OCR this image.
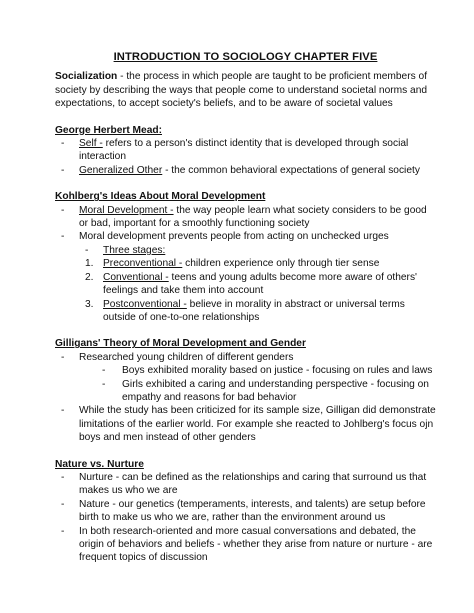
INTRODUCTION TO SOCIOLOGY CHAPTER FIVE

Socialization - the process in which people are taught to be proficient members of society by describing the ways that people come to understand societal norms and expectations, to accept society's beliefs, and to be aware of societal values

George Herbert Mead:
- Self - refers to a person's distinct identity that is developed through social interaction
- Generalized Other - the common behavioral expectations of general society
Kohlberg's Ideas About Moral Development
- Moral Development - the way people learn what society considers to be good or bad, important for a smoothly functioning society
- Moral development prevents people from acting on unchecked urges
- Three stages:
1. Preconventional - children experience only through tier sense
2. Conventional - teens and young adults become more aware of others' feelings and take them into account
3. Postconventional - believe in morality in abstract or universal terms outside of one-to-one relationships
Gilligans' Theory of Moral Development and Gender
- Researched young children of different genders
- Boys exhibited morality based on justice - focusing on rules and laws
- Girls exhibited a caring and understanding perspective - focusing on empathy and reasons for bad behavior
- While the study has been criticized for its sample size, Gilligan did demonstrate limitations of the earlier world. For example she reacted to Johlberg's focus ojn boys and men instead of other genders
Nature vs. Nurture
- Nurture - can be defined as the relationships and caring that surround us that makes us who we are
- Nature - our genetics (temperaments, interests, and talents) are setup before birth to make us who we are, rather than the environment around us
- In both research-oriented and more casual conversations and debated, the origin of behaviors and beliefs - whether they arise from nature or nurture - are frequent topics of discussion
